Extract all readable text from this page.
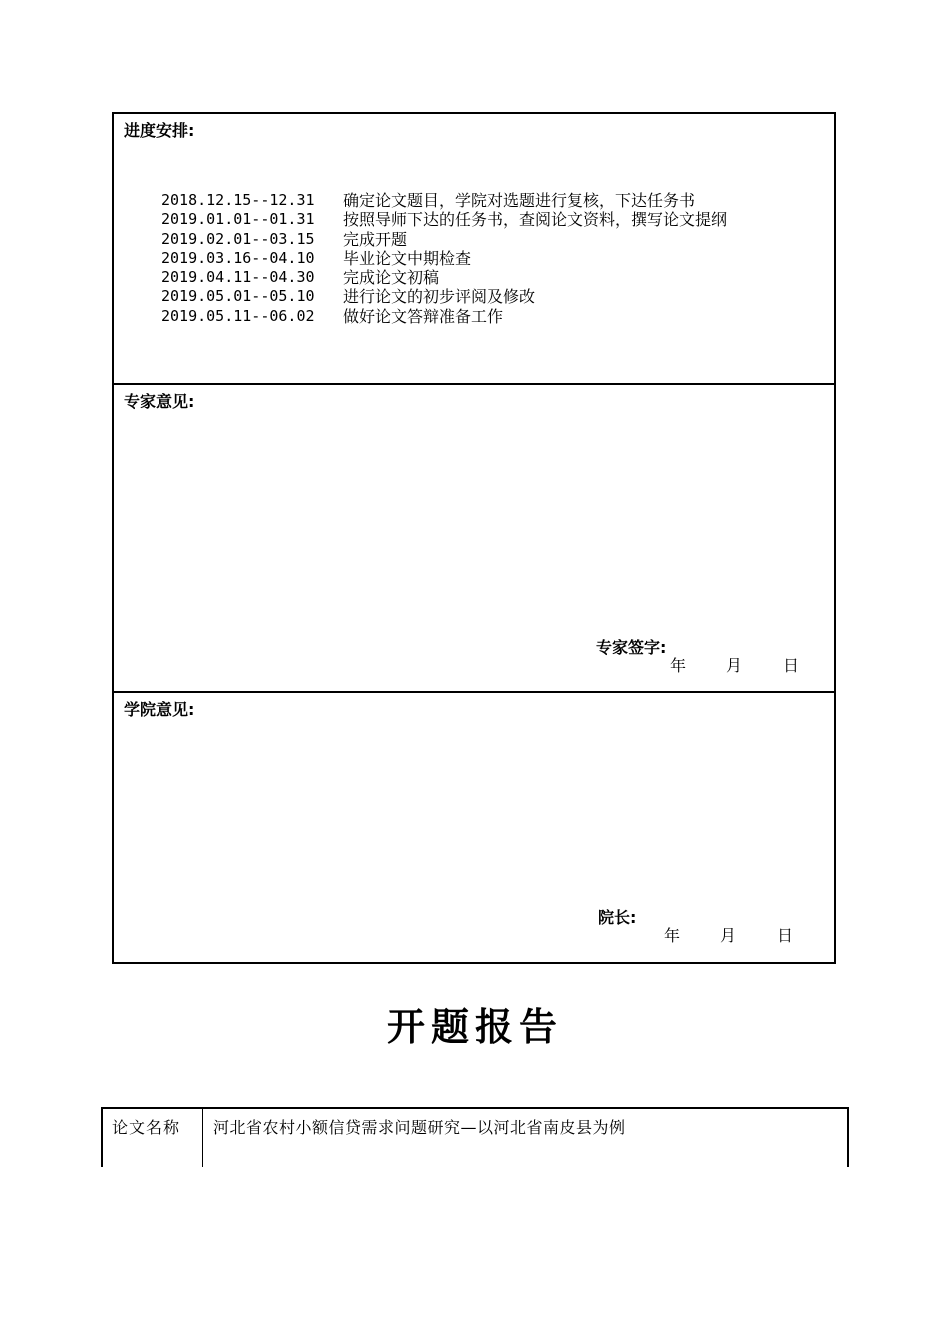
进度安排:
2018.12.15--12.31	确定论文题目，学院对选题进行复核，下达任务书
2019.01.01--01.31	按照导师下达的任务书，查阅论文资料，撰写论文提纲
2019.02.01--03.15	完成开题
2019.03.16--04.10	毕业论文中期检查
2019.04.11--04.30	完成论文初稿
2019.05.01--05.10	进行论文的初步评阅及修改
2019.05.11--06.02	做好论文答辩准备工作
专家意见:
专家签字:
年	月	日
学院意见:
院长:
年	月	日
开题报告
论文名称	河北省农村小额信贷需求问题研究—以河北省南皮县为例
